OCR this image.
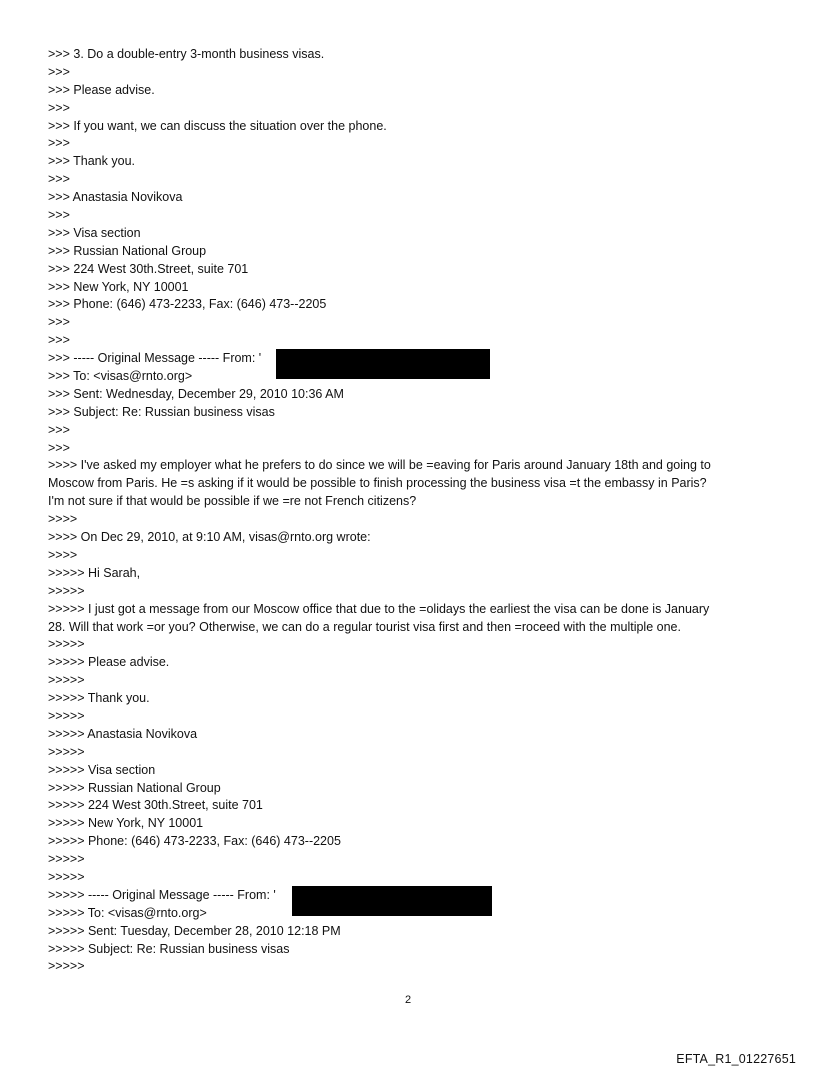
>>> 3. Do a double-entry 3-month business visas.
>>>
>>> Please advise.
>>>
>>> If you want, we can discuss the situation over the phone.
>>>
>>> Thank you.
>>>
>>> Anastasia Novikova
>>>
>>> Visa section
>>> Russian National Group
>>> 224 West 30th.Street, suite 701
>>> New York, NY 10001
>>> Phone: (646) 473-2233, Fax: (646) 473--2205
>>>
>>>
>>> ----- Original Message ----- From: '
>>> To: <visas@rnto.org>
>>> Sent: Wednesday, December 29, 2010 10:36 AM
>>> Subject: Re: Russian business visas
>>>
>>>
>>>> I've asked my employer what he prefers to do since we will be =eaving for Paris around January 18th and going to
Moscow from Paris. He =s asking if it would be possible to finish processing the business visa =t the embassy in Paris?
I'm not sure if that would be possible if we =re not French citizens?
>>>>
>>>> On Dec 29, 2010, at 9:10 AM, visas@rnto.org wrote:
>>>>
>>>>> Hi Sarah,
>>>>>
>>>>> I just got a message from our Moscow office that due to the =olidays the earliest the visa can be done is January
28. Will that work =or you? Otherwise, we can do a regular tourist visa first and then =roceed with the multiple one.
>>>>>
>>>>> Please advise.
>>>>>
>>>>> Thank you.
>>>>>
>>>>> Anastasia Novikova
>>>>>
>>>>> Visa section
>>>>> Russian National Group
>>>>> 224 West 30th.Street, suite 701
>>>>> New York, NY 10001
>>>>> Phone: (646) 473-2233, Fax: (646) 473--2205
>>>>>
>>>>>
>>>>> ----- Original Message ----- From: '
>>>>> To: <visas@rnto.org>
>>>>> Sent: Tuesday, December 28, 2010 12:18 PM
>>>>> Subject: Re: Russian business visas
>>>>>
2
EFTA_R1_01227651
